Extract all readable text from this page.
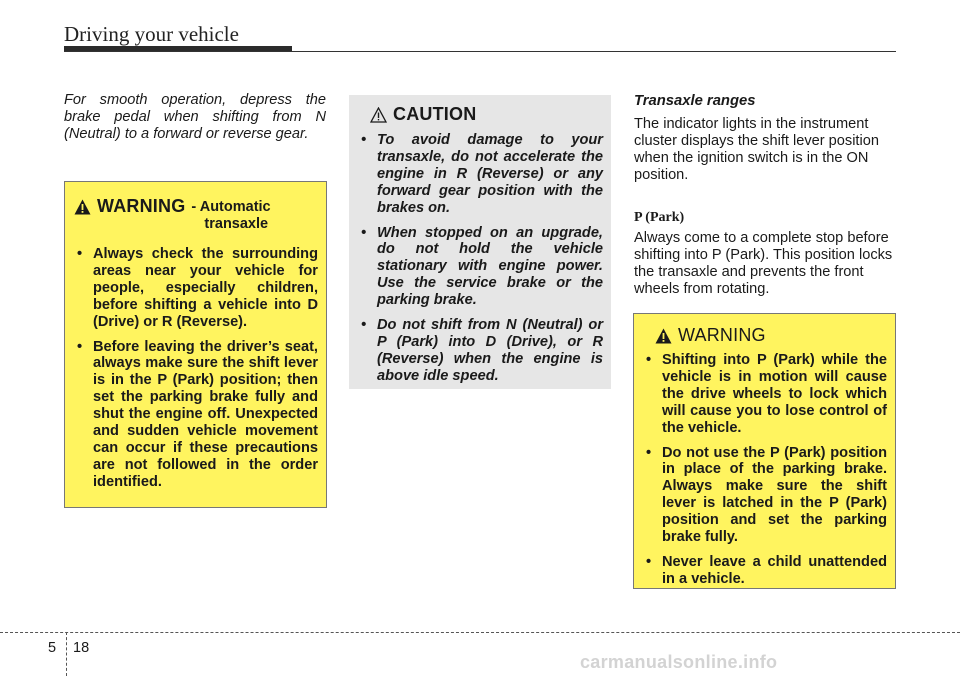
Driving your vehicle

For smooth operation, depress the brake pedal when shifting from N (Neutral) to a forward or reverse gear.

WARNING - Automatic
transaxle
• Always check the surrounding areas near your vehicle for people, especially children, before shifting a vehicle into D (Drive) or R (Reverse).
• Before leaving the driver’s seat, always make sure the shift lever is in the P (Park) position; then set the parking brake fully and shut the engine off. Unexpected and sudden vehicle movement can occur if these precautions are not followed in the order identified.
CAUTION
• To avoid damage to your transaxle, do not accelerate the engine in R (Reverse) or any forward gear position with the brakes on.
• When stopped on an upgrade, do not hold the vehicle stationary with engine power. Use the service brake or the parking brake.
• Do not shift from N (Neutral) or P (Park) into D (Drive), or R (Reverse) when the engine is above idle speed.
Transaxle ranges

The indicator lights in the instrument cluster displays the shift lever position when the ignition switch is in the ON position.

P (Park)

Always come to a complete stop before shifting into P (Park). This position locks the transaxle and prevents the front wheels from rotating.

WARNING
• Shifting into P (Park) while the vehicle is in motion will cause the drive wheels to lock which will cause you to lose control of the vehicle.
• Do not use the P (Park) position in place of the parking brake. Always make sure the shift lever is latched in the P (Park) position and set the parking brake fully.
• Never leave a child unattended in a vehicle.
5 18
carmanualsonline.info
